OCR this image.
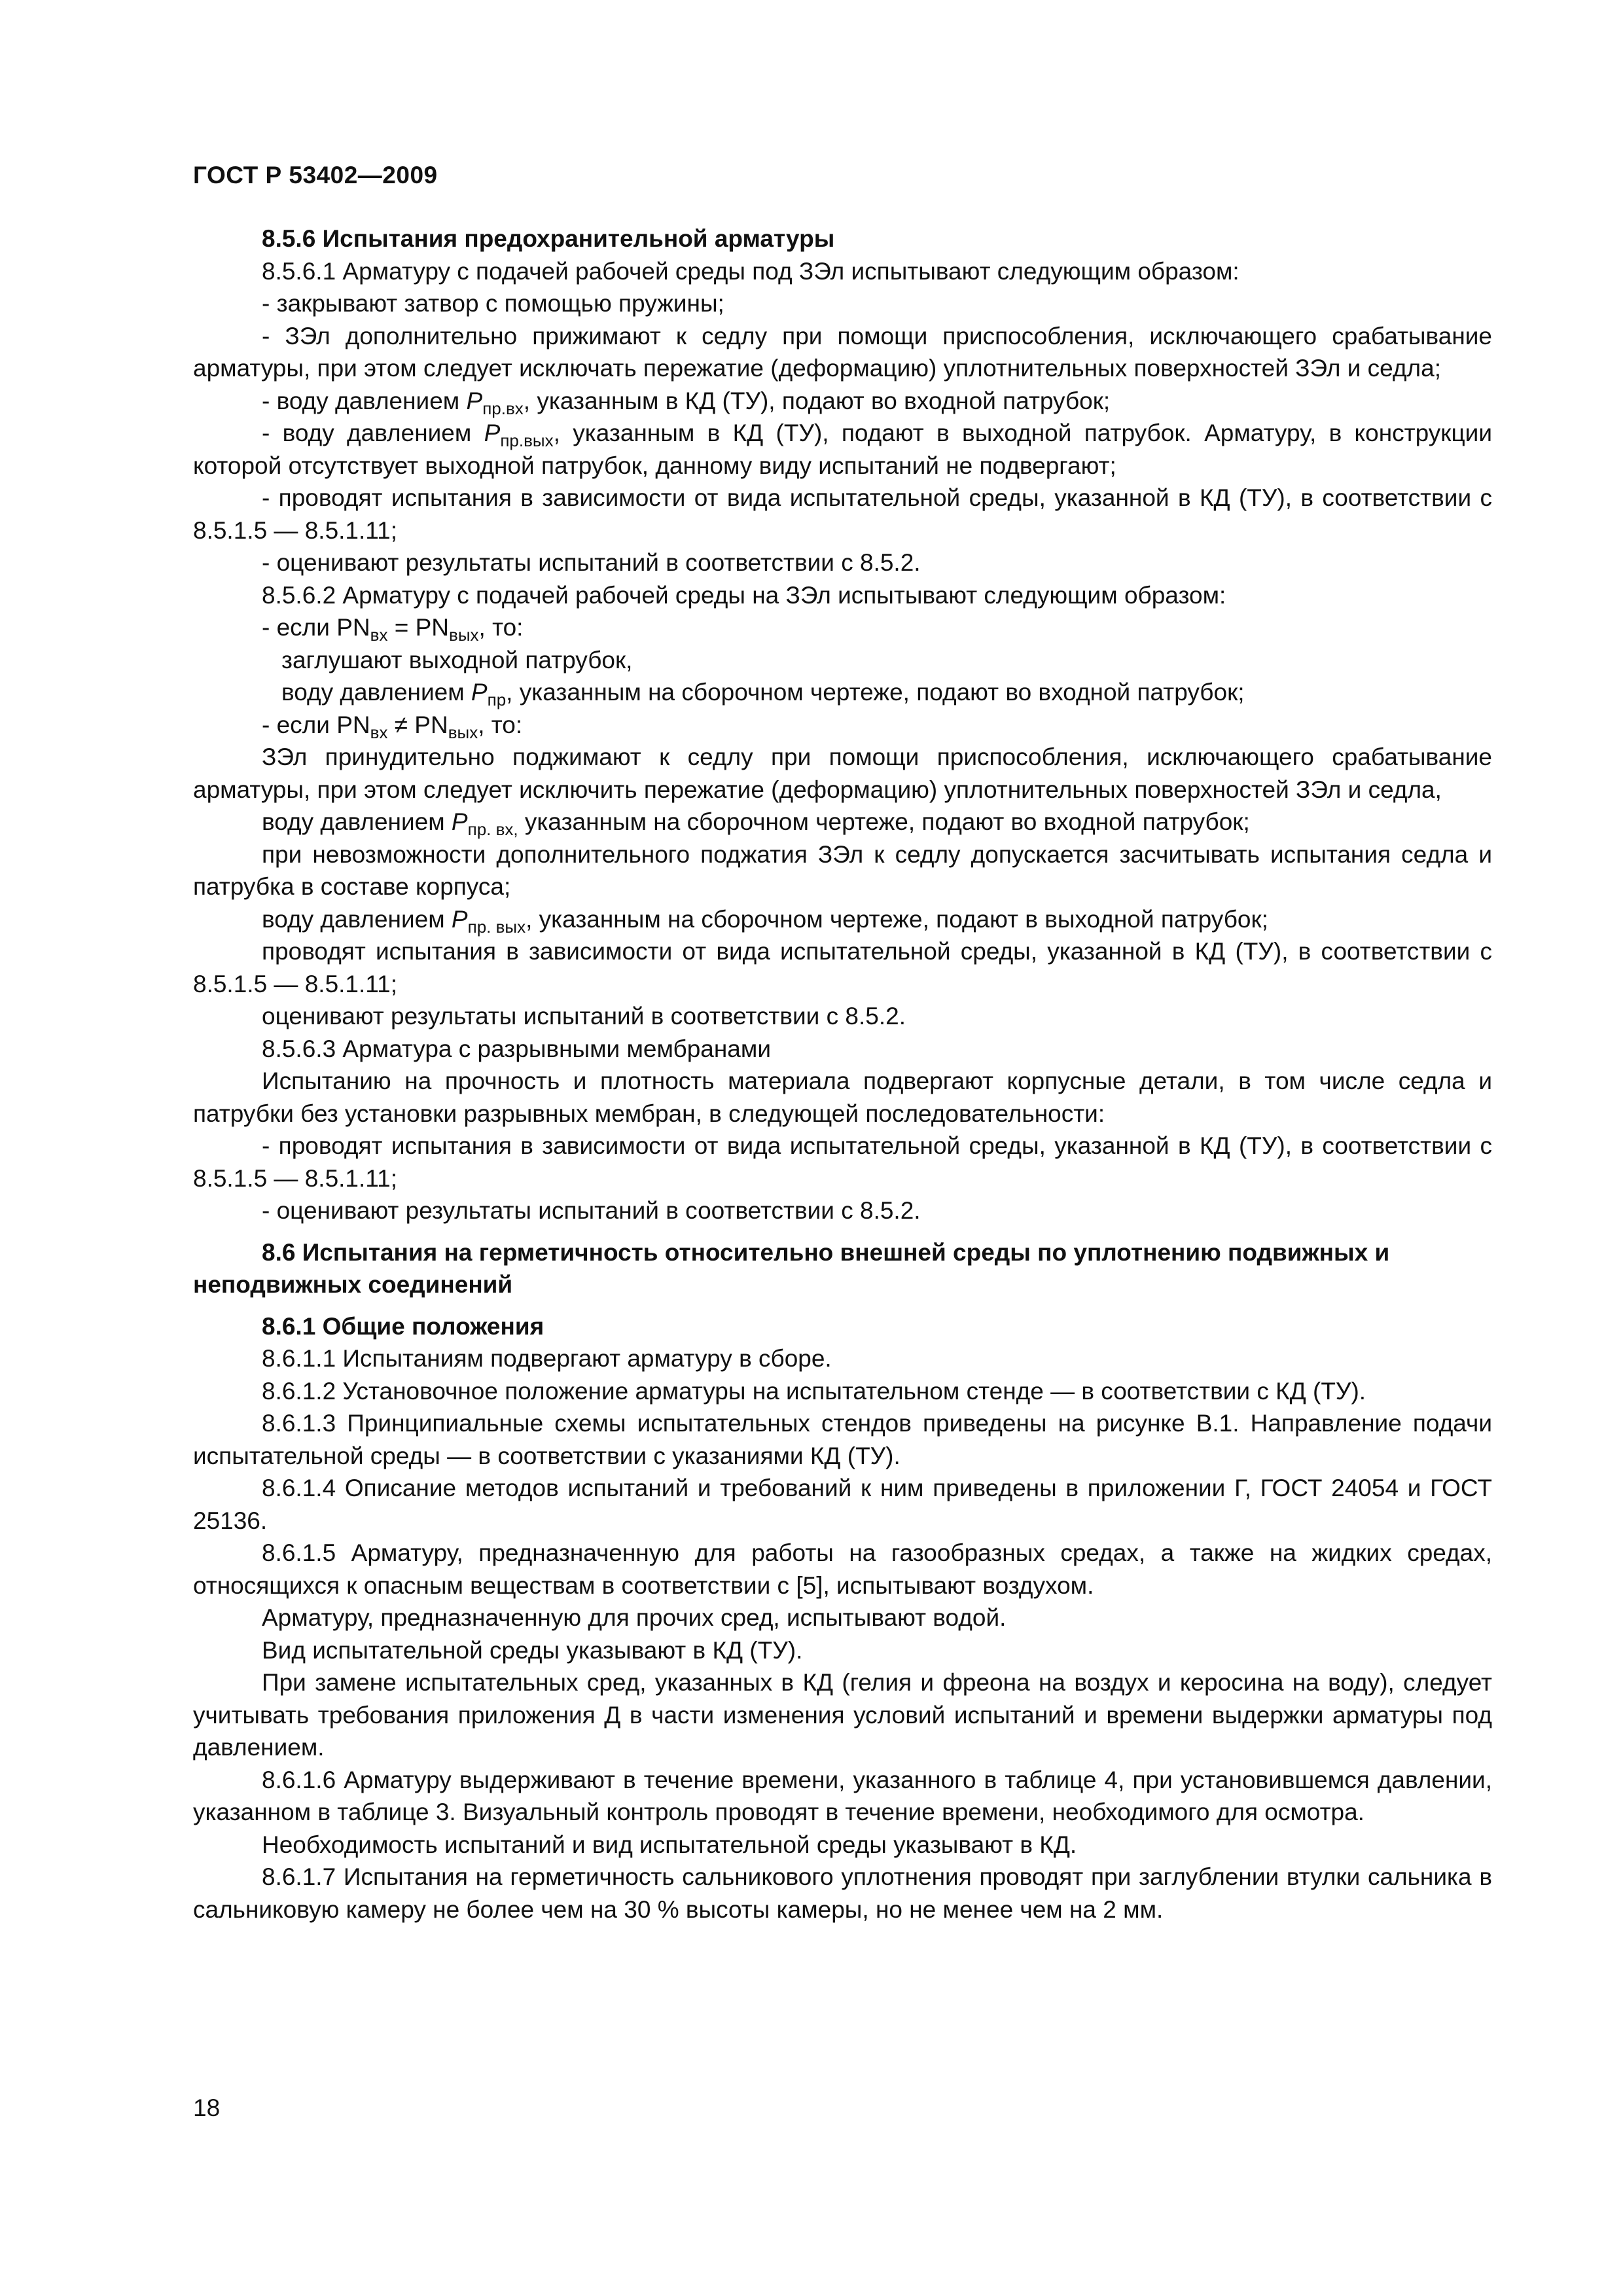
ГОСТ Р 53402—2009
8.5.6 Испытания предохранительной арматуры

8.5.6.1 Арматуру с подачей рабочей среды под ЗЭл испытывают следующим образом:

- закрывают затвор с помощью пружины;

- ЗЭл дополнительно прижимают к седлу при помощи приспособления, исключающего срабатывание арматуры, при этом следует исключать пережатие (деформацию) уплотнительных поверхностей ЗЭл и седла;

- воду давлением $P_{пр.вх}$, указанным в КД (ТУ), подают во входной патрубок;

- воду давлением $P_{пр.вых}$, указанным в КД (ТУ), подают в выходной патрубок. Арматуру, в конструкции которой отсутствует выходной патрубок, данному виду испытаний не подвергают;

- проводят испытания в зависимости от вида испытательной среды, указанной в КД (ТУ), в соответствии с 8.5.1.5 — 8.5.1.11;

- оценивают результаты испытаний в соответствии с 8.5.2.

8.5.6.2 Арматуру с подачей рабочей среды на ЗЭл испытывают следующим образом:

- если $PN_{вх} = PN_{вых}$, то:

заглушают выходной патрубок,

воду давлением $P_{пр}$, указанным на сборочном чертеже, подают во входной патрубок;

- если $PN_{вх} \ne PN_{вых}$, то:

ЗЭл принудительно поджимают к седлу при помощи приспособления, исключающего срабатывание арматуры, при этом следует исключить пережатие (деформацию) уплотнительных поверхностей ЗЭл и седла,

воду давлением $P_{пр. вх,}$ указанным на сборочном чертеже, подают во входной патрубок;

при невозможности дополнительного поджатия ЗЭл к седлу допускается засчитывать испытания седла и патрубка в составе корпуса;

воду давлением $P_{пр. вых}$, указанным на сборочном чертеже, подают в выходной патрубок;

проводят испытания в зависимости от вида испытательной среды, указанной в КД (ТУ), в соответствии с 8.5.1.5 — 8.5.1.11;

оценивают результаты испытаний в соответствии с 8.5.2.

8.5.6.3 Арматура с разрывными мембранами

Испытанию на прочность и плотность материала подвергают корпусные детали, в том числе седла и патрубки без установки разрывных мембран, в следующей последовательности:

- проводят испытания в зависимости от вида испытательной среды, указанной в КД (ТУ), в соответствии с 8.5.1.5 — 8.5.1.11;

- оценивают результаты испытаний в соответствии с 8.5.2.

8.6 Испытания на герметичность относительно внешней среды по уплотнению подвижных и неподвижных соединений
8.6.1 Общие положения

8.6.1.1 Испытаниям подвергают арматуру в сборе.

8.6.1.2 Установочное положение арматуры на испытательном стенде — в соответствии с КД (ТУ).

8.6.1.3 Принципиальные схемы испытательных стендов приведены на рисунке В.1. Направление подачи испытательной среды — в соответствии с указаниями КД (ТУ).

8.6.1.4 Описание методов испытаний и требований к ним приведены в приложении Г, ГОСТ 24054 и ГОСТ 25136.

8.6.1.5 Арматуру, предназначенную для работы на газообразных средах, а также на жидких средах, относящихся к опасным веществам в соответствии с [5], испытывают воздухом.

Арматуру, предназначенную для прочих сред, испытывают водой.

Вид испытательной среды указывают в КД (ТУ).

При замене испытательных сред, указанных в КД (гелия и фреона на воздух и керосина на воду), следует учитывать требования приложения Д в части изменения условий испытаний и времени выдержки арматуры под давлением.

8.6.1.6 Арматуру выдерживают в течение времени, указанного в таблице 4, при установившемся давлении, указанном в таблице 3. Визуальный контроль проводят в течение времени, необходимого для осмотра.

Необходимость испытаний и вид испытательной среды указывают в КД.

8.6.1.7 Испытания на герметичность сальникового уплотнения проводят при заглублении втулки сальника в сальниковую камеру не более чем на 30 % высоты камеры, но не менее чем на 2 мм.

18
